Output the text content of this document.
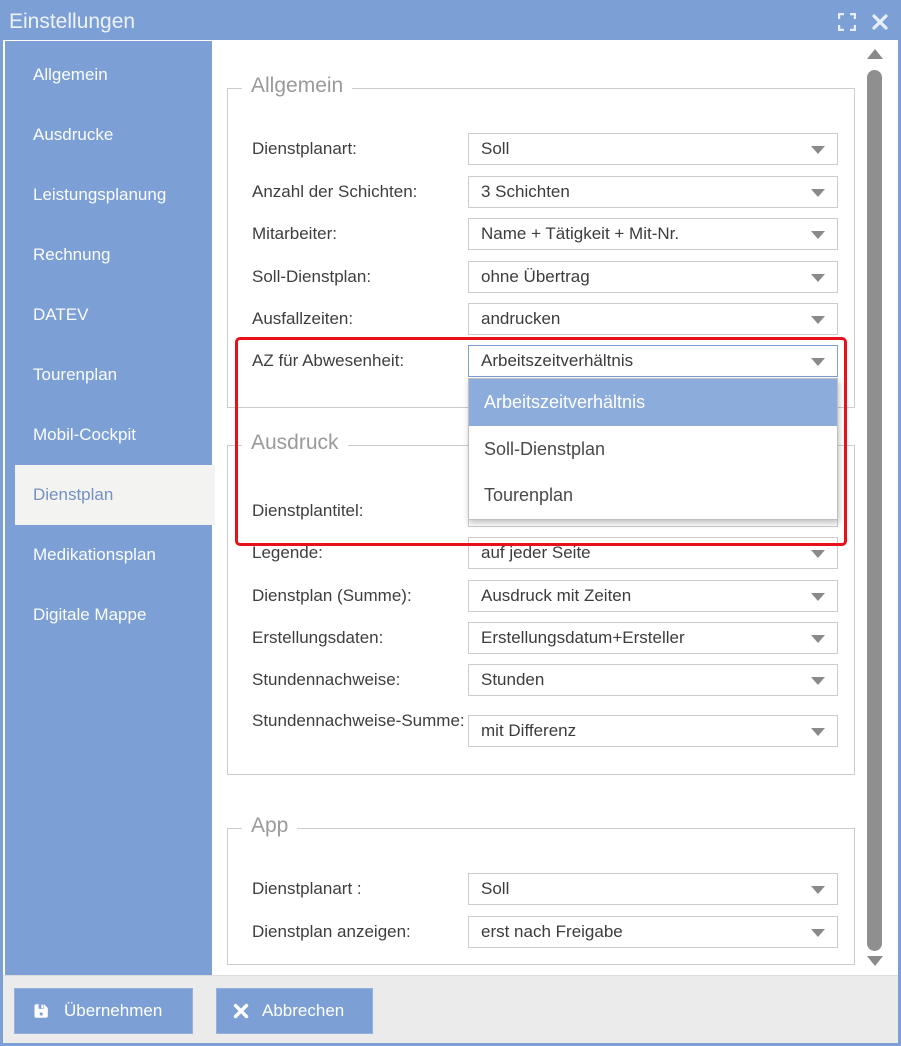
Einstellungen
Allgemein
Ausdrucke
Leistungsplanung
Rechnung
DATEV
Tourenplan
Mobil-Cockpit
Dienstplan
Medikationsplan
Digitale Mappe
Allgemein
Dienstplanart:	Soll
Anzahl der Schichten:	3 Schichten
Mitarbeiter:	Name + Tätigkeit + Mit-Nr.
Soll-Dienstplan:	ohne Übertrag
Ausfallzeiten:	andrucken
AZ für Abwesenheit:	Arbeitszeitverhältnis
Ausdruck
Dienstplantitel:
Legende:	auf jeder Seite
Dienstplan (Summe):	Ausdruck mit Zeiten
Erstellungsdaten:	Erstellungsdatum+Ersteller
Stundennachweise:	Stunden
Stundennachweise-Summe:
mit Differenz
App
Dienstplanart :	Soll
Dienstplan anzeigen:	erst nach Freigabe
Arbeitszeitverhältnis
Soll-Dienstplan
Tourenplan
Übernehmen	Abbrechen
